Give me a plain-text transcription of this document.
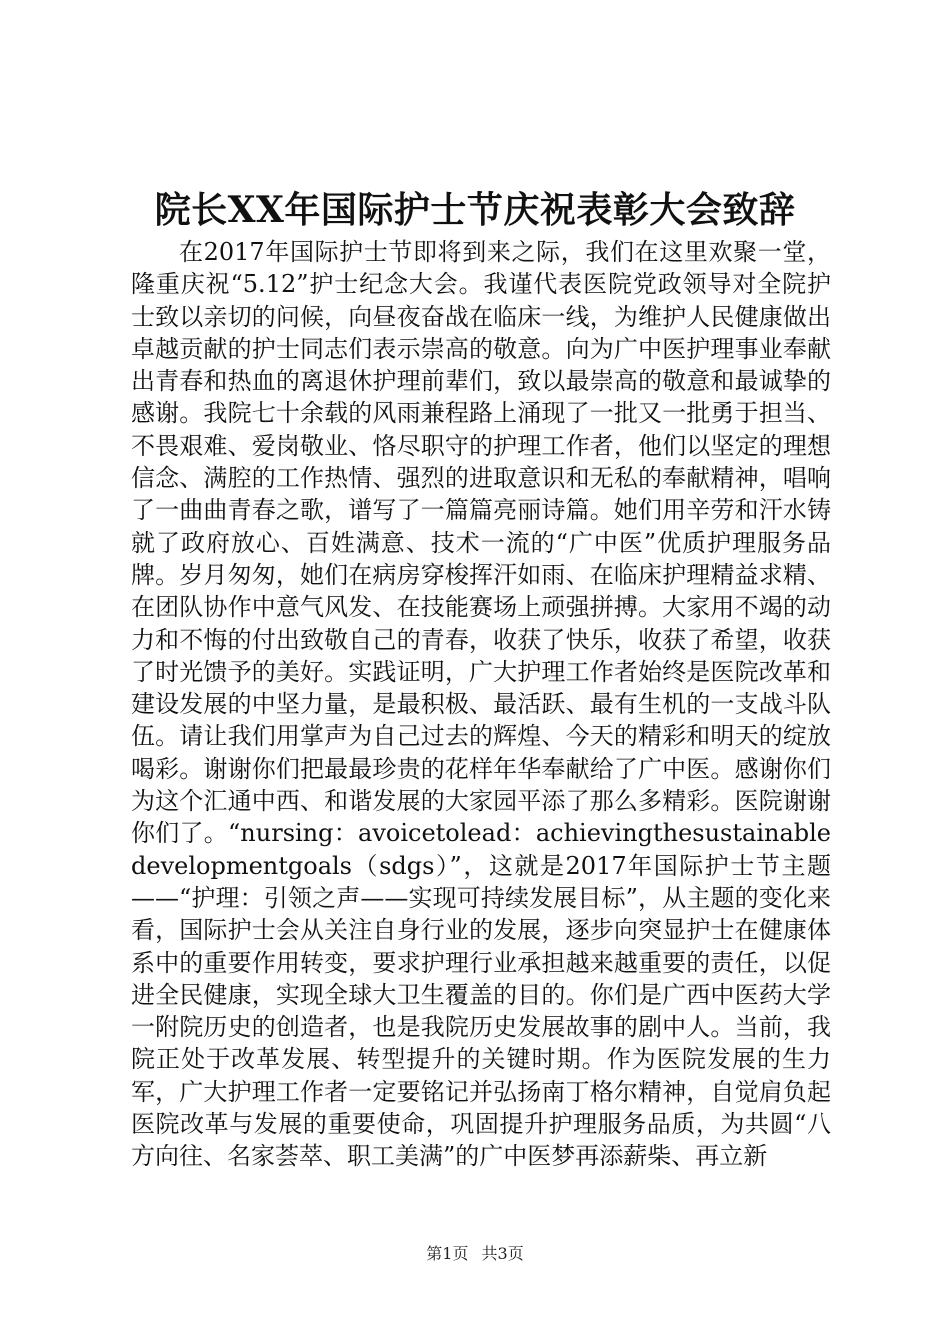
院长XX年国际护士节庆祝表彰大会致辞

在2017年国际护士节即将到来之际，我们在这里欢聚一堂，隆重庆祝“5.12”护士纪念大会。我谨代表医院党政领导对全院护士致以亲切的问候，向昼夜奋战在临床一线，为维护人民健康做出卓越贡献的护士同志们表示崇高的敬意。向为广中医护理事业奉献出青春和热血的离退休护理前辈们，致以最崇高的敬意和最诚挚的感谢。我院七十余载的风雨兼程路上涌现了一批又一批勇于担当、不畏艰难、爱岗敬业、恪尽职守的护理工作者，他们以坚定的理想信念、满腔的工作热情、强烈的进取意识和无私的奉献精神，唱响了一曲曲青春之歌，谱写了一篇篇亮丽诗篇。她们用辛劳和汗水铸就了政府放心、百姓满意、技术一流的“广中医”优质护理服务品牌。岁月匆匆，她们在病房穿梭挥汗如雨、在临床护理精益求精、在团队协作中意气风发、在技能赛场上顽强拼搏。大家用不竭的动力和不悔的付出致敬自己的青春，收获了快乐，收获了希望，收获了时光馈予的美好。实践证明，广大护理工作者始终是医院改革和建设发展的中坚力量，是最积极、最活跃、最有生机的一支战斗队伍。请让我们用掌声为自己过去的辉煌、今天的精彩和明天的绽放喝彩。谢谢你们把最最珍贵的花样年华奉献给了广中医。感谢你们为这个汇通中西、和谐发展的大家园平添了那么多精彩。医院谢谢你们了。“nursing：avoicetolead：achievingthesustainabledevelopmentgoals（sdgs）”，这就是2017年国际护士节主题——“护理：引领之声——实现可持续发展目标”，从主题的变化来看，国际护士会从关注自身行业的发展，逐步向突显护士在健康体系中的重要作用转变，要求护理行业承担越来越重要的责任，以促进全民健康，实现全球大卫生覆盖的目的。你们是广西中医药大学一附院历史的创造者，也是我院历史发展故事的剧中人。当前，我院正处于改革发展、转型提升的关键时期。作为医院发展的生力军，广大护理工作者一定要铭记并弘扬南丁格尔精神，自觉肩负起医院改革与发展的重要使命，巩固提升护理服务品质，为共圆“八方向往、名家荟萃、职工美满”的广中医梦再添薪柴、再立新

第1页 共3页
